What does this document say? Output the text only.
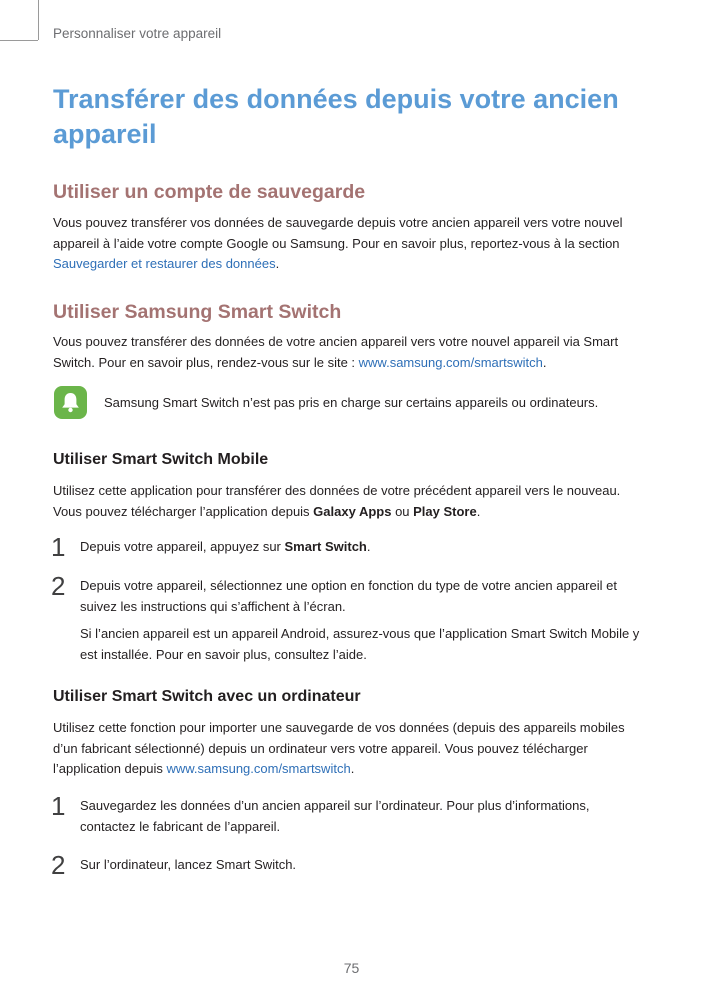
Personnaliser votre appareil
Transférer des données depuis votre ancien appareil
Utiliser un compte de sauvegarde

Vous pouvez transférer vos données de sauvegarde depuis votre ancien appareil vers votre nouvel appareil à l’aide votre compte Google ou Samsung. Pour en savoir plus, reportez-vous à la section Sauvegarder et restaurer des données.

Utiliser Samsung Smart Switch

Vous pouvez transférer des données de votre ancien appareil vers votre nouvel appareil via Smart Switch. Pour en savoir plus, rendez-vous sur le site : www.samsung.com/smartswitch.

Samsung Smart Switch n’est pas pris en charge sur certains appareils ou ordinateurs.
Utiliser Smart Switch Mobile

Utilisez cette application pour transférer des données de votre précédent appareil vers le nouveau. Vous pouvez télécharger l’application depuis Galaxy Apps ou Play Store.

1 Depuis votre appareil, appuyez sur Smart Switch.

2 Depuis votre appareil, sélectionnez une option en fonction du type de votre ancien appareil et suivez les instructions qui s’affichent à l’écran.

Si l’ancien appareil est un appareil Android, assurez-vous que l’application Smart Switch Mobile y est installée. Pour en savoir plus, consultez l’aide.

Utiliser Smart Switch avec un ordinateur

Utilisez cette fonction pour importer une sauvegarde de vos données (depuis des appareils mobiles d’un fabricant sélectionné) depuis un ordinateur vers votre appareil. Vous pouvez télécharger l’application depuis www.samsung.com/smartswitch.

1 Sauvegardez les données d’un ancien appareil sur l’ordinateur. Pour plus d’informations, contactez le fabricant de l’appareil.

2 Sur l’ordinateur, lancez Smart Switch.

75
